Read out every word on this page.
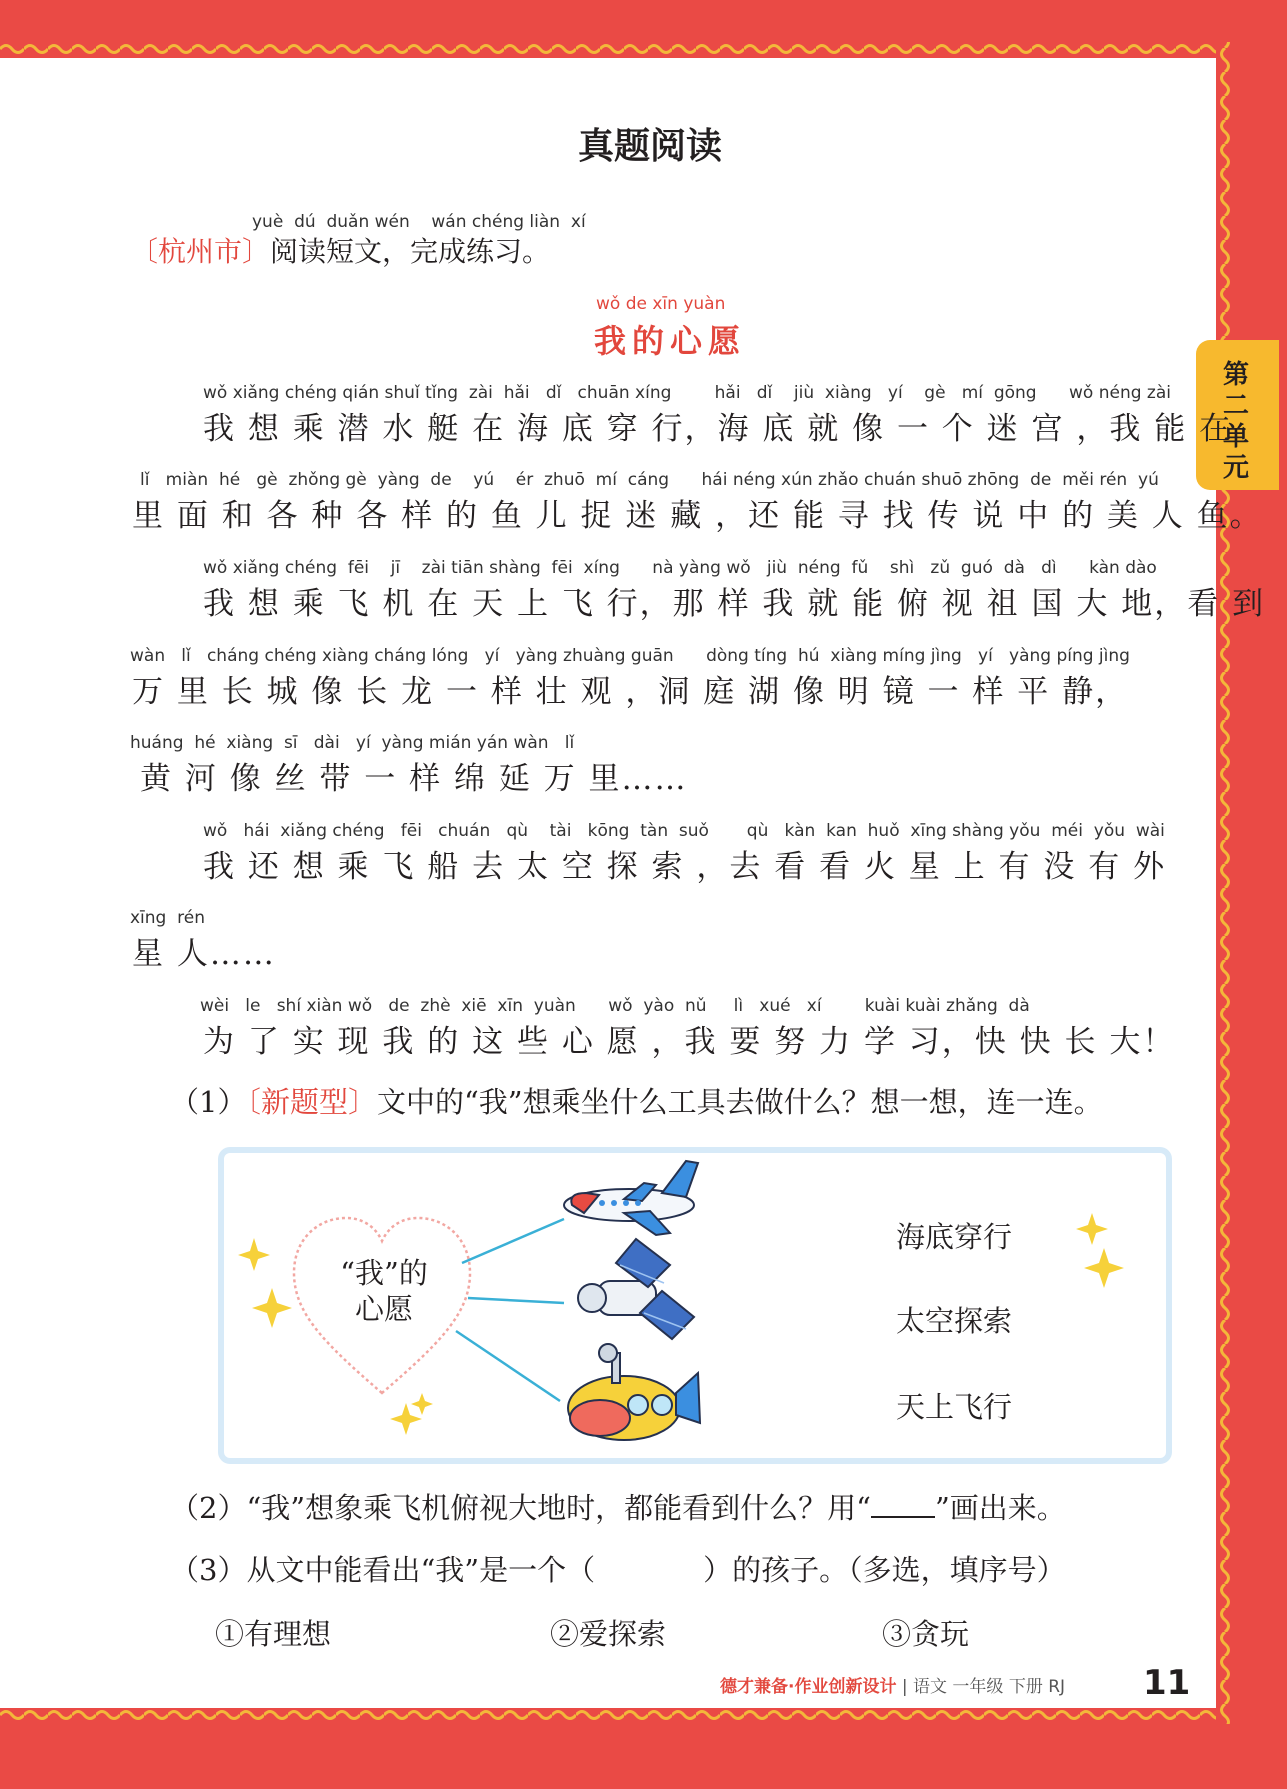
第二单元
真题阅读
yuè  dú  duǎn wén    wán chéng liàn  xí
〔杭州市〕阅读短文，完成练习。
wǒ de xīn yuàn
我的心愿
wǒ xiǎng chéng qián shuǐ tǐng  zài  hǎi   dǐ   chuān xíng        hǎi   dǐ    jiù  xiàng   yí    gè   mí  gōng      wǒ néng zài
我 想 乘 潜 水 艇 在 海 底 穿 行，海 底 就 像 一 个 迷 宫 ，我 能 在
lǐ   miàn  hé   gè  zhǒng gè  yàng  de    yú    ér  zhuō  mí  cáng      hái néng xún zhǎo chuán shuō zhōng  de  měi rén  yú
里 面 和 各 种 各 样 的 鱼 儿 捉 迷 藏 ，还 能 寻 找 传 说 中 的 美 人 鱼。
wǒ xiǎng chéng  fēi    jī    zài tiān shàng  fēi  xíng      nà yàng wǒ   jiù  néng  fǔ    shì   zǔ  guó  dà   dì      kàn dào
我 想 乘 飞 机 在 天 上 飞 行，那 样 我 就 能 俯 视 祖 国 大 地，看 到
wàn   lǐ   cháng chéng xiàng cháng lóng   yí   yàng zhuàng guān      dòng tíng  hú  xiàng míng jìng   yí   yàng píng jìng
万 里 长 城 像 长 龙 一 样 壮 观 ，洞 庭 湖 像 明 镜 一 样 平 静，
huáng  hé  xiàng  sī   dài   yí  yàng mián yán wàn   lǐ
黄 河 像 丝 带 一 样 绵 延 万 里……
wǒ   hái  xiǎng chéng   fēi   chuán   qù    tài   kōng  tàn  suǒ       qù   kàn  kan  huǒ  xīng shàng yǒu  méi  yǒu  wài
我 还 想 乘 飞 船 去 太 空 探 索 ，去 看 看 火 星 上 有 没 有 外
xīng  rén
星 人……
wèi   le   shí xiàn wǒ   de  zhè  xiē  xīn  yuàn      wǒ  yào  nǔ     lì   xué   xí        kuài kuài zhǎng  dà
为 了 实 现 我 的 这 些 心 愿 ，我 要 努 力 学 习，快 快 长 大！
（1）〔新题型〕文中的“我”想乘坐什么工具去做什么？想一想，连一连。
“我”的
心愿
海底穿行
太空探索
天上飞行
（2）“我”想象乘飞机俯视大地时，都能看到什么？用“ ”画出来。
（3）从文中能看出“我”是一个（	）的孩子。（多选，填序号）
①有理想	②爱探索	③贪玩
德才兼备·作业创新设计 | 语文 一年级 下册 RJ 11
